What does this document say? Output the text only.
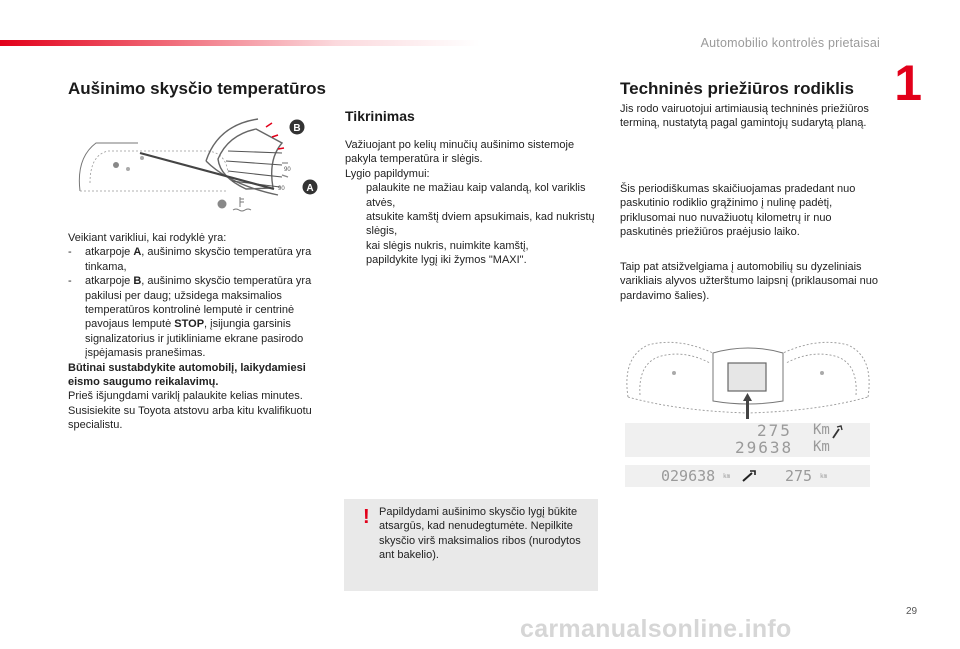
Automobilio kontrolės prietaisai
1
Aušinimo skysčio temperatūros
90
90
B
A
Veikiant varikliui, kai rodyklė yra:
-	atkarpoje A, aušinimo skysčio temperatūra yra tinkama,
-	atkarpoje B, aušinimo skysčio temperatūra yra pakilusi per daug; užsidega maksimalios temperatūros kontrolinė lemputė ir centrinė pavojaus lemputė STOP, įsijungia garsinis signalizatorius ir jutikliniame ekrane pasirodo įspėjamasis pranešimas.
Būtinai sustabdykite automobilį, laikydamiesi eismo saugumo reikalavimų.
Prieš išjungdami variklį palaukite kelias minutes.
Susisiekite su Toyota atstovu arba kitu kvalifikuotu specialistu.
Tikrinimas
Važiuojant po kelių minučių aušinimo sistemoje pakyla temperatūra ir slėgis.
Lygio papildymui:
palaukite ne mažiau kaip valandą, kol variklis atvės,
atsukite kamštį dviem apsukimais, kad nukristų slėgis,
kai slėgis nukris, nuimkite kamštį,
papildykite lygį iki žymos "MAXI".
! Papildydami aušinimo skysčio lygį būkite atsargūs, kad nenudegtumėte. Nepilkite skysčio virš maksimalios ribos (nurodytos ant bakelio).
Techninės priežiūros rodiklis
Jis rodo vairuotojui artimiausią techninės priežiūros terminą, nustatytą pagal gamintojų sudarytą planą.
Šis periodiškumas skaičiuojamas pradedant nuo paskutinio rodiklio grąžinimo į nulinę padėtį, priklusomai nuo nuvažiuotų kilometrų ir nuo paskutinės priežiūros praėjusio laiko.
Taip pat atsižvelgiama į automobilių su dyzeliniais varikliais alyvos užterštumo laipsnį (priklausomai nuo pardavimo šalies).
275 Km
29638 Km
029638 km	275 km
29
carmanualsonline.info
